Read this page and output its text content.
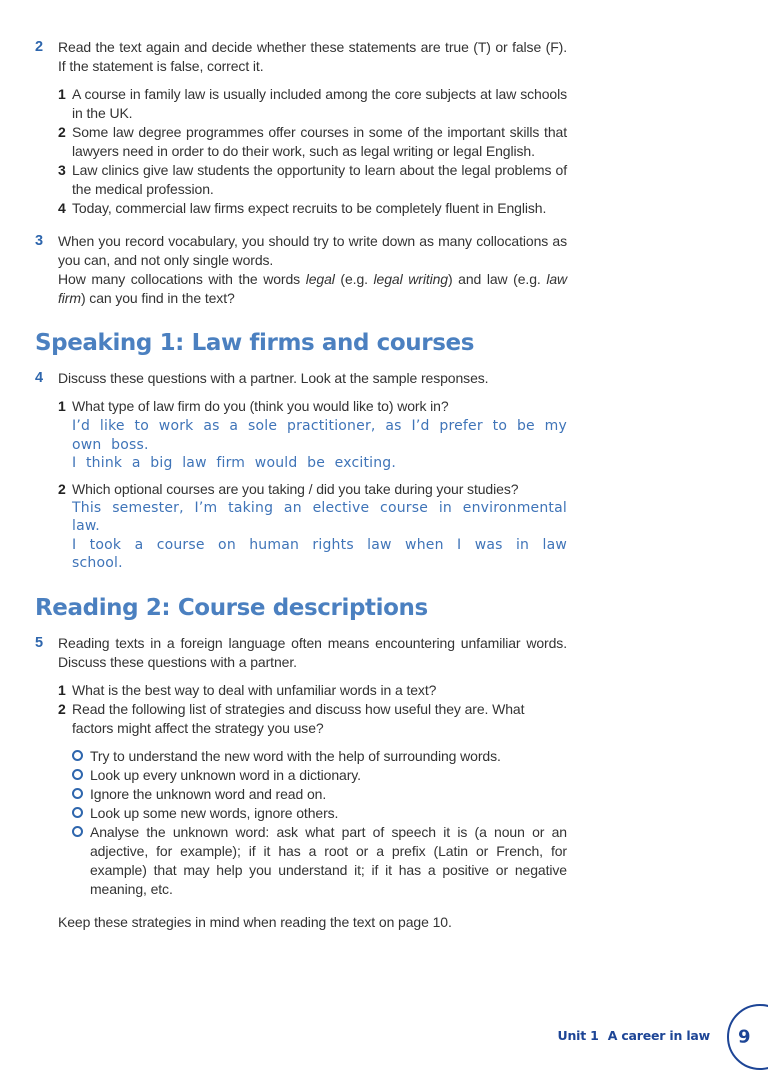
2	Read the text again and decide whether these statements are true (T) or false (F). If the statement is false, correct it.

1 A course in family law is usually included among the core subjects at law schools in the UK.
2 Some law degree programmes offer courses in some of the important skills that lawyers need in order to do their work, such as legal writing or legal English.
3 Law clinics give law students the opportunity to learn about the legal problems of the medical profession.
4 Today, commercial law firms expect recruits to be completely fluent in English.
3	When you record vocabulary, you should try to write down as many collocations as you can, and not only single words.

How many collocations with the words legal (e.g. legal writing) and law (e.g. law firm) can you find in the text?

Speaking 1: Law firms and courses
4	Discuss these questions with a partner. Look at the sample responses.

1 What type of law firm do you (think you would like to) work in?

I’d like to work as a sole practitioner, as I’d prefer to be my own boss.

I think a big law firm would be exciting.

2 Which optional courses are you taking / did you take during your studies?

This semester, I’m taking an elective course in environmental law.

I took a course on human rights law when I was in law school.

Reading 2: Course descriptions
5	Reading texts in a foreign language often means encountering unfamiliar words. Discuss these questions with a partner.

1 What is the best way to deal with unfamiliar words in a text?
2 Read the following list of strategies and discuss how useful they are. What factors might affect the strategy you use?
Try to understand the new word with the help of surrounding words.
Look up every unknown word in a dictionary.
Ignore the unknown word and read on.
Look up some new words, ignore others.
Analyse the unknown word: ask what part of speech it is (a noun or an adjective, for example); if it has a root or a prefix (Latin or French, for example) that may help you understand it; if it has a positive or negative meaning, etc.

Keep these strategies in mind when reading the text on page 10.

Unit 1 A career in law 9
